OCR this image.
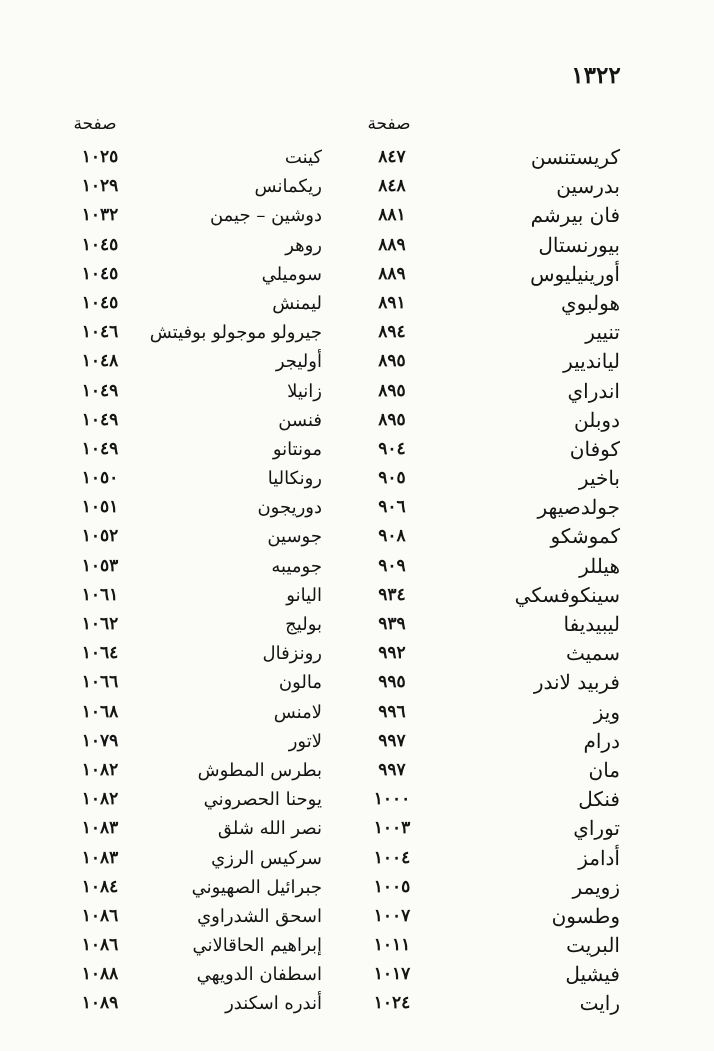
١٣٢٢
صفحة
صفحة
كريستنسن
٨٤٧
كينت
١٠٢٥
بدرسين
٨٤٨
ريكمانس
١٠٢٩
فان بيرشم
٨٨١
دوشين – جيمن
١٠٣٢
بيورنستال
٨٨٩
روهر
١٠٤٥
أورينيليوس
٨٨٩
سوميلي
١٠٤٥
هولبوي
٨٩١
ليمنش
١٠٤٥
تنيير
٨٩٤
جيرولو موجولو بوفيتش
١٠٤٦
ليانديير
٨٩٥
أوليجر
١٠٤٨
اندراي
٨٩٥
زانيلا
١٠٤٩
دوبلن
٨٩٥
فنسن
١٠٤٩
كوفان
٩٠٤
مونتانو
١٠٤٩
باخير
٩٠٥
رونكاليا
١٠٥٠
جولدصيهر
٩٠٦
دوريجون
١٠٥١
كموشكو
٩٠٨
جوسين
١٠٥٢
هيللر
٩٠٩
جوميبه
١٠٥٣
سينكوفسكي
٩٣٤
اليانو
١٠٦١
ليبيديفا
٩٣٩
بوليج
١٠٦٢
سميث
٩٩٢
رونزفال
١٠٦٤
فربيد لاندر
٩٩٥
مالون
١٠٦٦
ويز
٩٩٦
لامنس
١٠٦٨
درام
٩٩٧
لاتور
١٠٧٩
مان
٩٩٧
بطرس المطوش
١٠٨٢
فنكل
١٠٠٠
يوحنا الحصروني
١٠٨٢
توراي
١٠٠٣
نصر الله شلق
١٠٨٣
أدامز
١٠٠٤
سركيس الرزي
١٠٨٣
زويمر
١٠٠٥
جبرائيل الصهيوني
١٠٨٤
وطسون
١٠٠٧
اسحق الشدراوي
١٠٨٦
البريت
١٠١١
إبراهيم الحاقالاني
١٠٨٦
فيشيل
١٠١٧
اسطفان الدويهي
١٠٨٨
رايت
١٠٢٤
أندره اسكندر
١٠٨٩
